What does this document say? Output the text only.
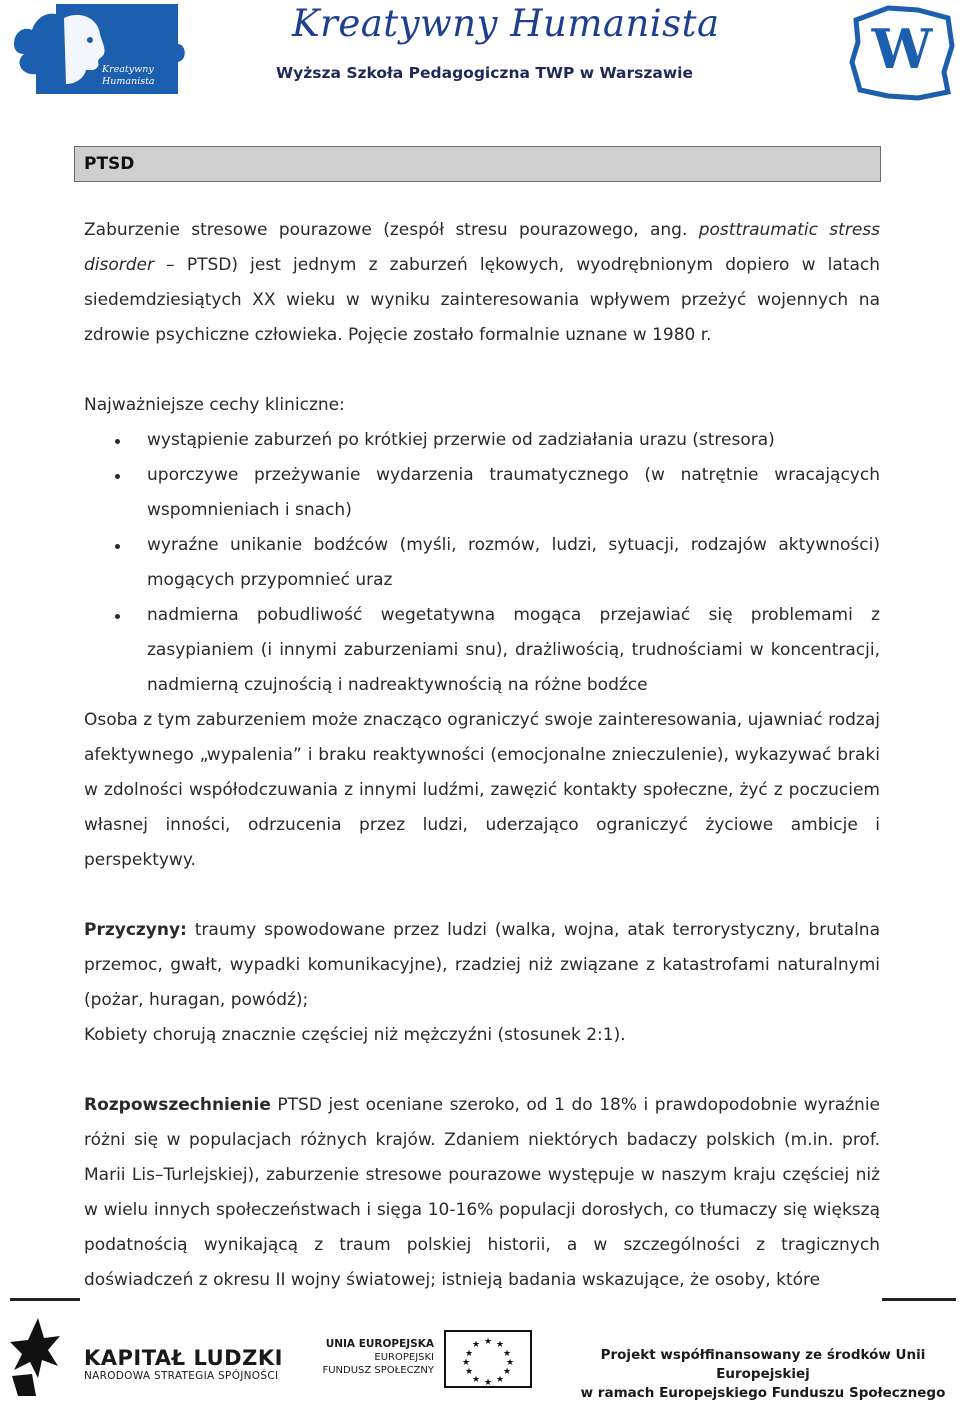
Kreatywny
Humanista
Kreatywny Humanista
Wyższa Szkoła Pedagogiczna TWP w Warszawie	W
PTSD

Zaburzenie stresowe pourazowe (zespół stresu pourazowego, ang. posttraumatic stress disorder – PTSD) jest jednym z zaburzeń lękowych, wyodrębnionym dopiero w latach siedemdziesiątych XX wieku w wyniku zainteresowania wpływem przeżyć wojennych na zdrowie psychiczne człowieka. Pojęcie zostało formalnie uznane w 1980 r.

Najważniejsze cechy kliniczne:

wystąpienie zaburzeń po krótkiej przerwie od zadziałania urazu (stresora)
uporczywe przeżywanie wydarzenia traumatycznego (w natrętnie wracających wspomnieniach i snach)
wyraźne unikanie bodźców (myśli, rozmów, ludzi, sytuacji, rodzajów aktywności) mogących przypomnieć uraz
nadmierna pobudliwość wegetatywna mogąca przejawiać się problemami z zasypianiem (i innymi zaburzeniami snu), drażliwością, trudnościami w koncentracji, nadmierną czujnością i nadreaktywnością na różne bodźce

Osoba z tym zaburzeniem może znacząco ograniczyć swoje zainteresowania, ujawniać rodzaj afektywnego „wypalenia” i braku reaktywności (emocjonalne znieczulenie), wykazywać braki w zdolności współodczuwania z innymi ludźmi, zawęzić kontakty społeczne, żyć z poczuciem własnej inności, odrzucenia przez ludzi, uderzająco ograniczyć życiowe ambicje i perspektywy.

Przyczyny: traumy spowodowane przez ludzi (walka, wojna, atak terrorystyczny, brutalna przemoc, gwałt, wypadki komunikacyjne), rzadziej niż związane z katastrofami naturalnymi (pożar, huragan, powódź);

Kobiety chorują znacznie częściej niż mężczyźni (stosunek 2:1).

Rozpowszechnienie PTSD jest oceniane szeroko, od 1 do 18% i prawdopodobnie wyraźnie różni się w populacjach różnych krajów. Zdaniem niektórych badaczy polskich (m.in. prof. Marii Lis–Turlejskiej), zaburzenie stresowe pourazowe występuje w naszym kraju częściej niż w wielu innych społeczeństwach i sięga 10-16% populacji dorosłych, co tłumaczy się większą podatnością wynikającą z traum polskiej historii, a w szczególności z tragicznych doświadczeń z okresu II wojny światowej; istnieją badania wskazujące, że osoby, które

KAPITAŁ LUDZKI
NARODOWA STRATEGIA SPÓJNOŚCI
UNIA EUROPEJSKA
EUROPEJSKI
FUNDUSZ SPOŁECZNY
★ ★
★
★
★
★
★
★
★
★
★
★
Projekt współfinansowany ze środków Unii Europejskiej
w ramach Europejskiego Funduszu Społecznego
